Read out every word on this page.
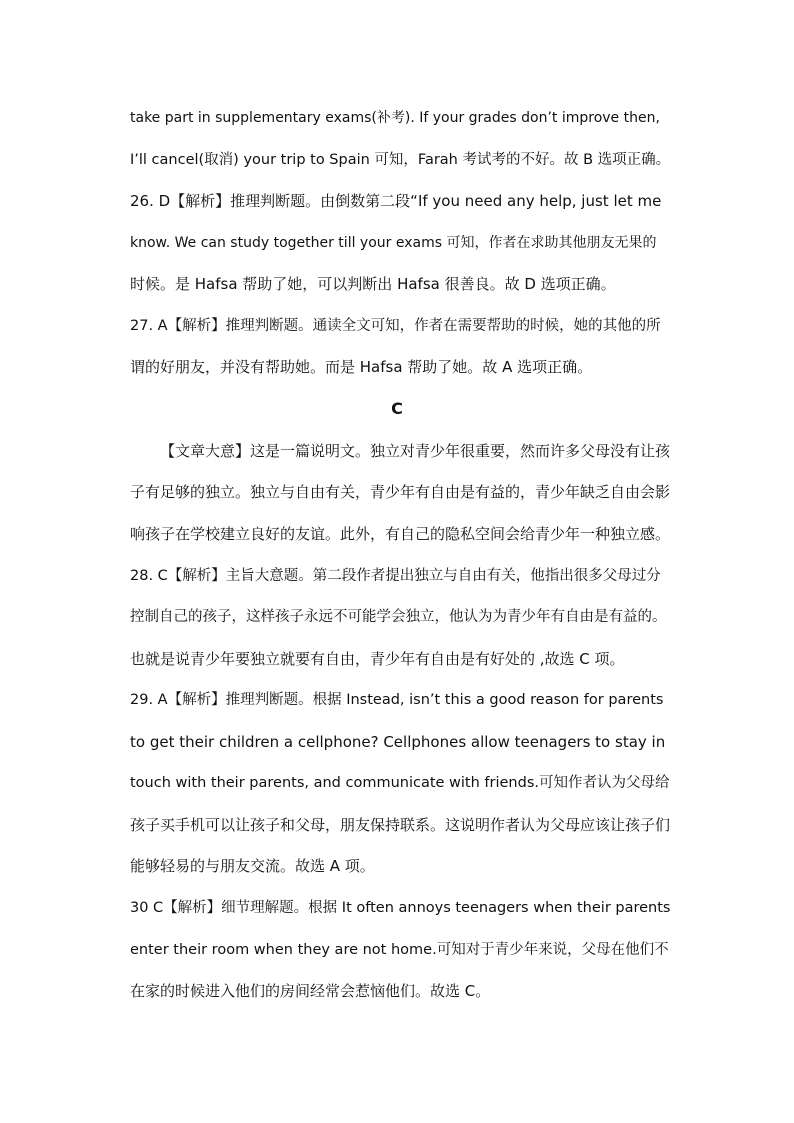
take part in supplementary exams(补考). If your grades don’t improve then,
I’ll cancel(取消) your trip to Spain 可知，Farah 考试考的不好。故 B 选项正确。
26. D【解析】推理判断题。由倒数第二段“If you need any help, just let me
know. We can study together till your exams 可知，作者在求助其他朋友无果的
时候。是 Hafsa 帮助了她，可以判断出 Hafsa 很善良。故 D 选项正确。
27. A【解析】推理判断题。通读全文可知，作者在需要帮助的时候，她的其他的所
谓的好朋友，并没有帮助她。而是 Hafsa 帮助了她。故 A 选项正确。
C
【文章大意】这是一篇说明文。独立对青少年很重要，然而许多父母没有让孩
子有足够的独立。独立与自由有关，青少年有自由是有益的，青少年缺乏自由会影
响孩子在学校建立良好的友谊。此外，有自己的隐私空间会给青少年一种独立感。
28. C【解析】主旨大意题。第二段作者提出独立与自由有关，他指出很多父母过分
控制自己的孩子，这样孩子永远不可能学会独立，他认为为青少年有自由是有益的。
也就是说青少年要独立就要有自由，青少年有自由是有好处的 ,故选 C 项。
29. A【解析】推理判断题。根据 Instead, isn’t this a good reason for parents
to get their children a cellphone? Cellphones allow teenagers to stay in
touch with their parents, and communicate with friends.可知作者认为父母给
孩子买手机可以让孩子和父母，朋友保持联系。这说明作者认为父母应该让孩子们
能够轻易的与朋友交流。故选 A 项。
30 C【解析】细节理解题。根据 It often annoys teenagers when their parents
enter their room when they are not home.可知对于青少年来说，父母在他们不
在家的时候进入他们的房间经常会惹恼他们。故选 C。
